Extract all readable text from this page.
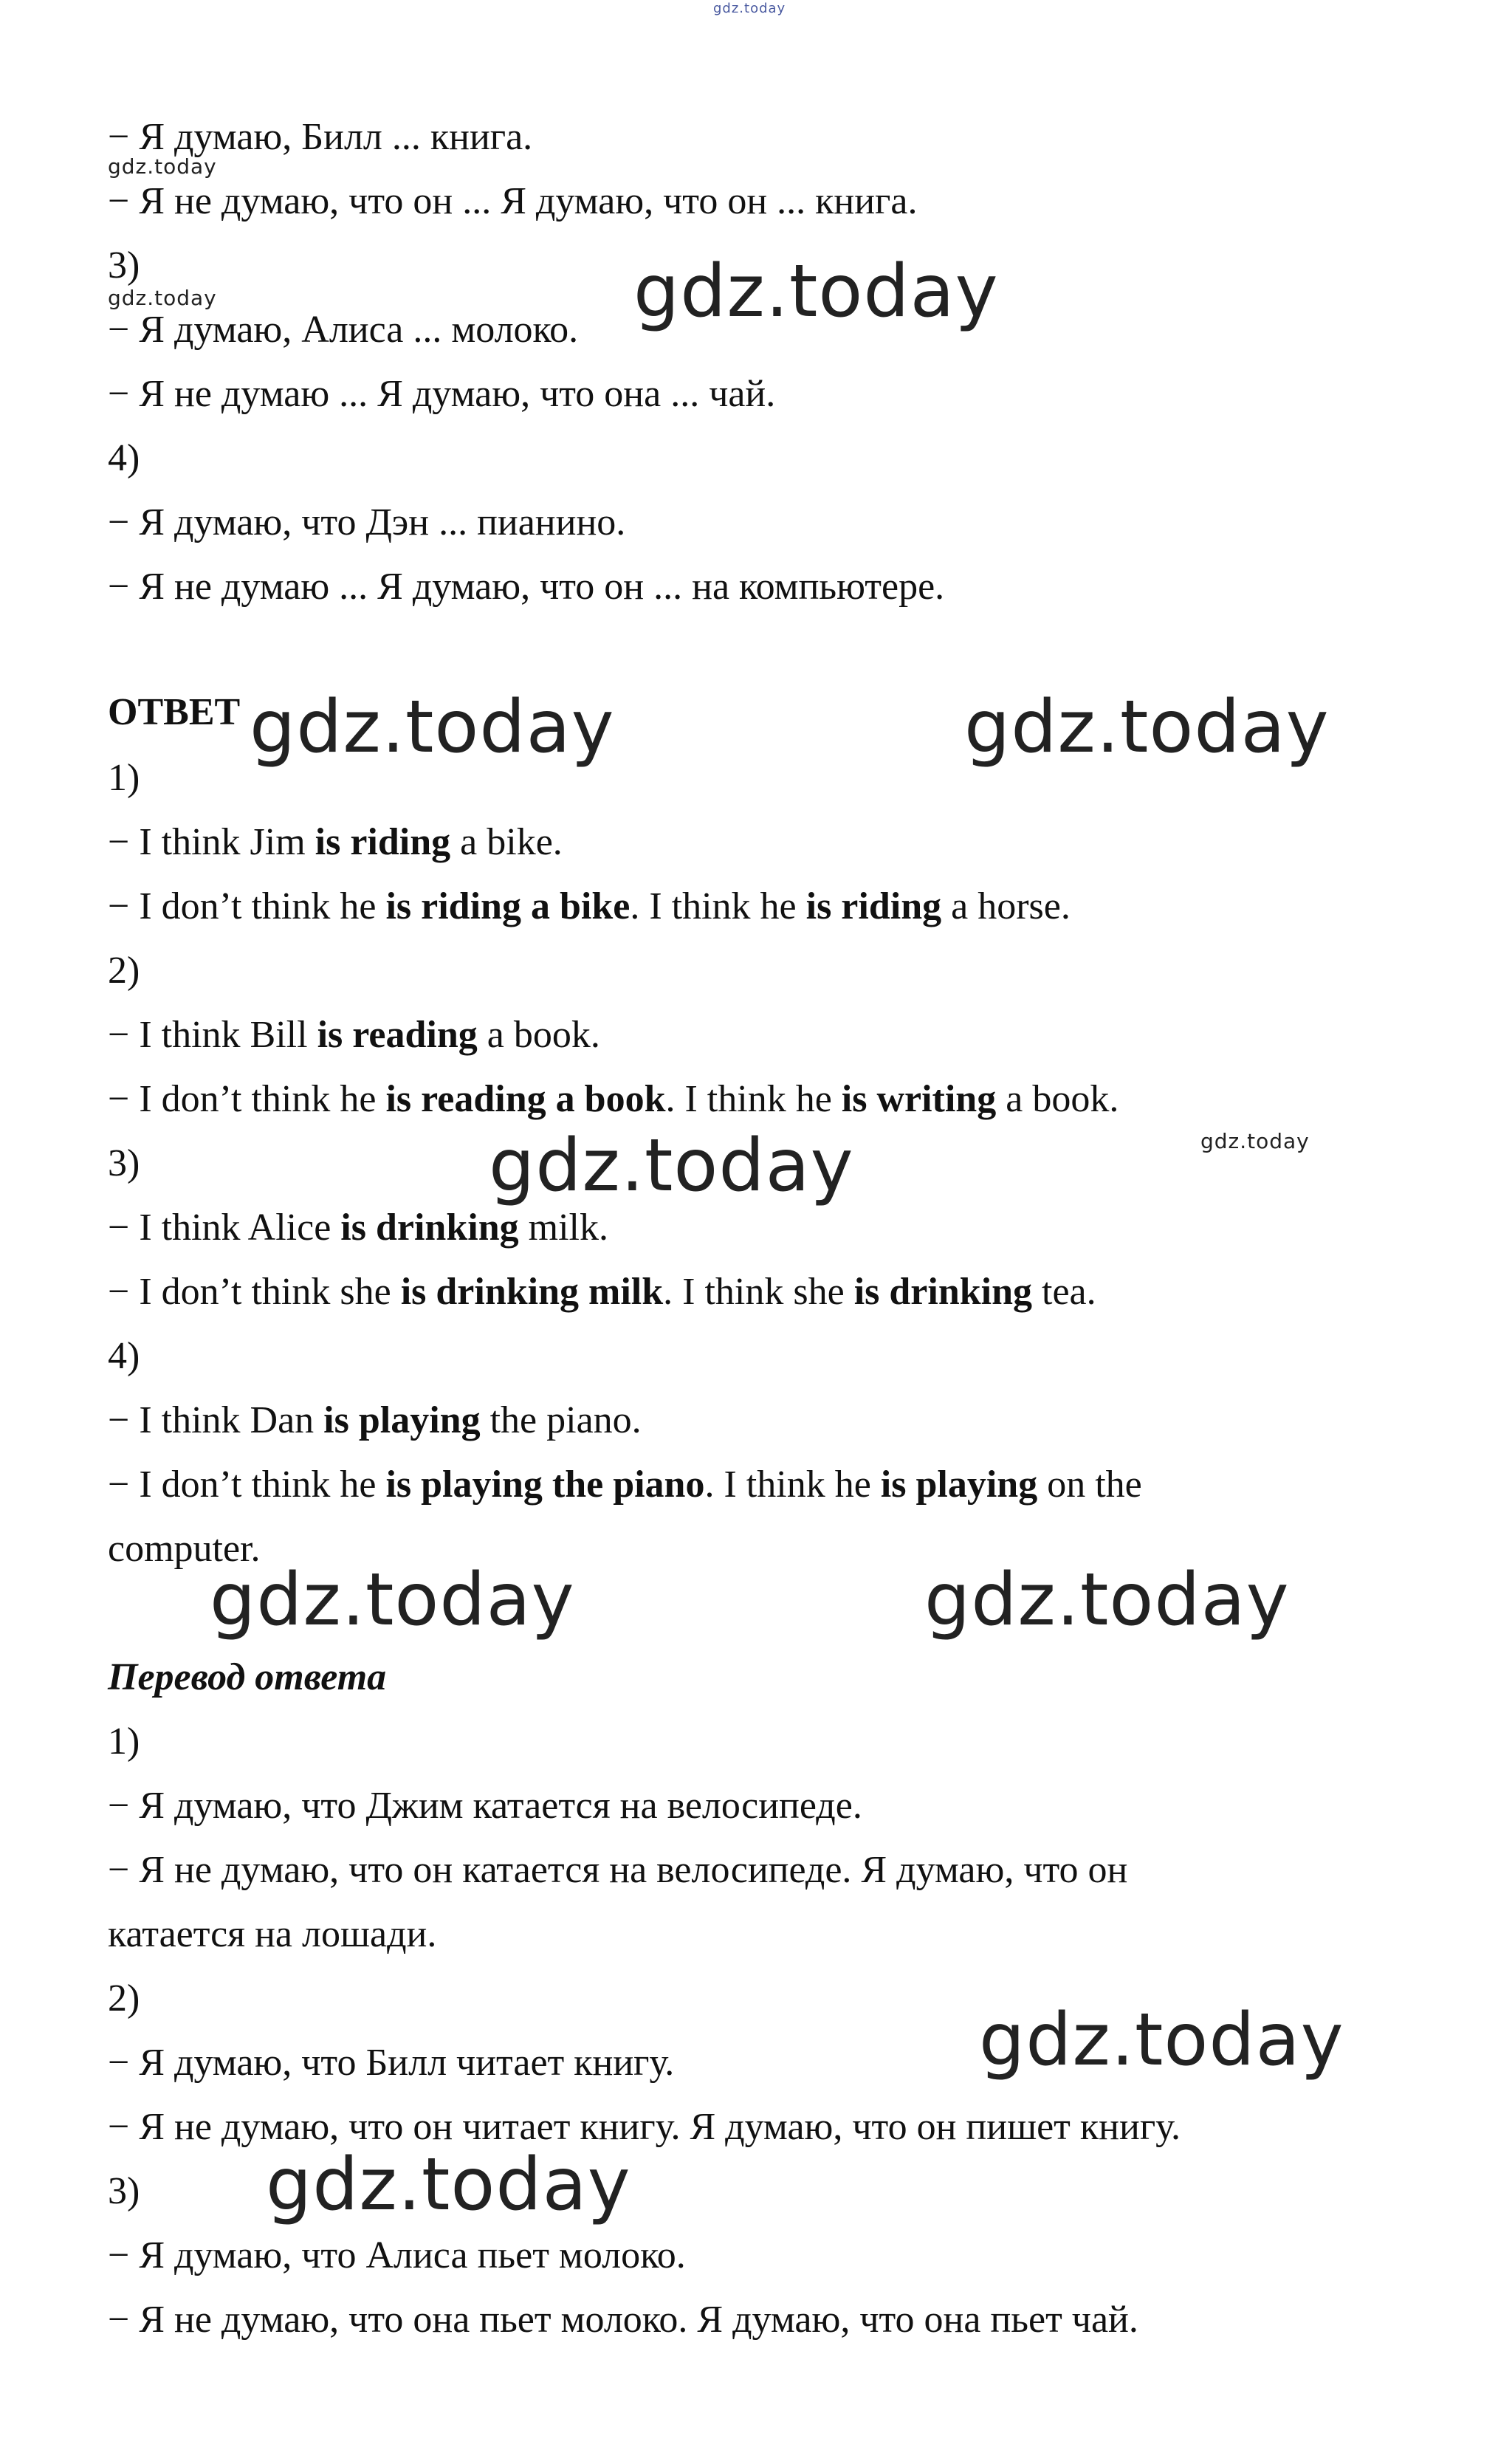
gdz.today
gdz.today
gdz.today	gdz.today
gdz.today	gdz.today
gdz.today	gdz.today
gdz.today	gdz.today
gdz.today
gdz.today
− Я думаю, Билл ... книга.
− Я не думаю, что он ... Я думаю, что он ... книга.
3)
− Я думаю, Алиса ... молоко.
− Я не думаю ... Я думаю, что она ... чай.
4)
− Я думаю, что Дэн ... пианино.
− Я не думаю ... Я думаю, что он ... на компьютере.
ОТВЕТ
1)
− I think Jim is riding a bike.
− I don’t think he is riding a bike. I think he is riding a horse.
2)
− I think Bill is reading a book.
− I don’t think he is reading a book. I think he is writing a book.
3)
− I think Alice is drinking milk.
− I don’t think she is drinking milk. I think she is drinking tea.
4)
− I think Dan is playing the piano.
− I don’t think he is playing the piano. I think he is playing on the
computer.
Перевод ответа
1)
− Я думаю, что Джим катается на велосипеде.
− Я не думаю, что он катается на велосипеде. Я думаю, что он
катается на лошади.
2)
− Я думаю, что Билл читает книгу.
− Я не думаю, что он читает книгу. Я думаю, что он пишет книгу.
3)
− Я думаю, что Алиса пьет молоко.
− Я не думаю, что она пьет молоко. Я думаю, что она пьет чай.
